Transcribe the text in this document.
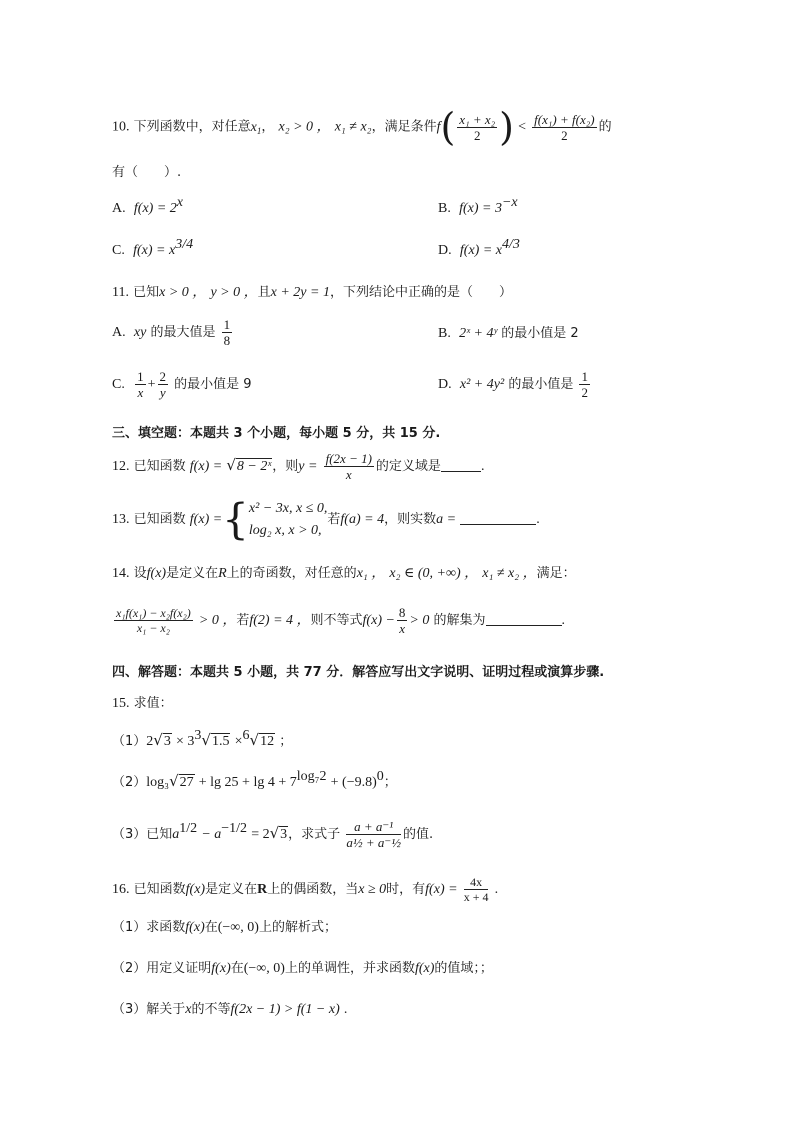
10. 下列函数中，对任意$x_1$， x₂ > 0 ， x₁ ≠ x₂，满足条件$f( \frac{\text{x₁ + x₂}}{2}$ ) < $\frac{\text{f(x₁) + f(x₂)}}{2}$ 的
有（　　）.
A. $f(x) = 2^x$	B. $f(x) = 3^{-x}$
C. $f(x) = x^{3/4}$	D. $f(x) = x^{4/3}$
11. 已知x > 0 ， y > 0 ，且x + 2y = 1，下列结论中正确的是（　　）
A. xy 的最大值是 $\frac{1}{8}$	B. 2ˣ + 4ʸ 的最小值是 2
C. $\frac{1}{x} + \frac{2}{y}$ 的最小值是 9	D. x² + 4y² 的最小值是 $\frac{1}{2}$
三、填空题：本题共 3 个小题，每小题 5 分，共 15 分.
12. 已知函数 f(x) = √8 − 2ˣ，则$y = \frac{f(2x - 1)}{x}$ 的定义域是	.
13. 已知函数 f(x) ={ x² − 3x, x ≤ 0,
log₂ x, x > 0,
若f(a) = 4，则实数a =	.
14. 设f(x)是定义在R上的奇函数，对任意的x₁ ， x₂ ∈ (0, +∞) ， x₁ ≠ x₂ ，满足：
$\frac{\text{x₁f(x₁) − x₂f(x₂)}}{\text{x₁ − x₂}} > 0$ ，若f(2) = 4 ，则不等式$f(x) - \frac{8}{x} > 0$ 的解集为	.
四、解答题：本题共 5 小题，共 77 分．解答应写出文字说明、证明过程或演算步骤.
15. 求值：
$(1)2√3 \times 3^3√1.5 \times^6√12$ ；
$(2)\log_3√27 + \lg 25 + \lg 4 + 7^{log_72} + (-9.8)^0$；
（3）已知$a^{1/2} - a^{-1/2} = 2√3$，求式子 $\frac{\text{a + a⁻¹}}{\text{a½ + a⁻½}}$ 的值.
16. 已知函数f(x)是定义在R上的偶函数，当x ≥ 0时，有$f(x) = \frac{4x}{x + 4}$ .
（1）求函数f(x)在(−∞, 0)上的解析式；
（2）用定义证明f(x)在(−∞, 0)上的单调性，并求函数f(x)的值域；；
（3）解关于x的不等f(2x − 1) > f(1 − x) .
